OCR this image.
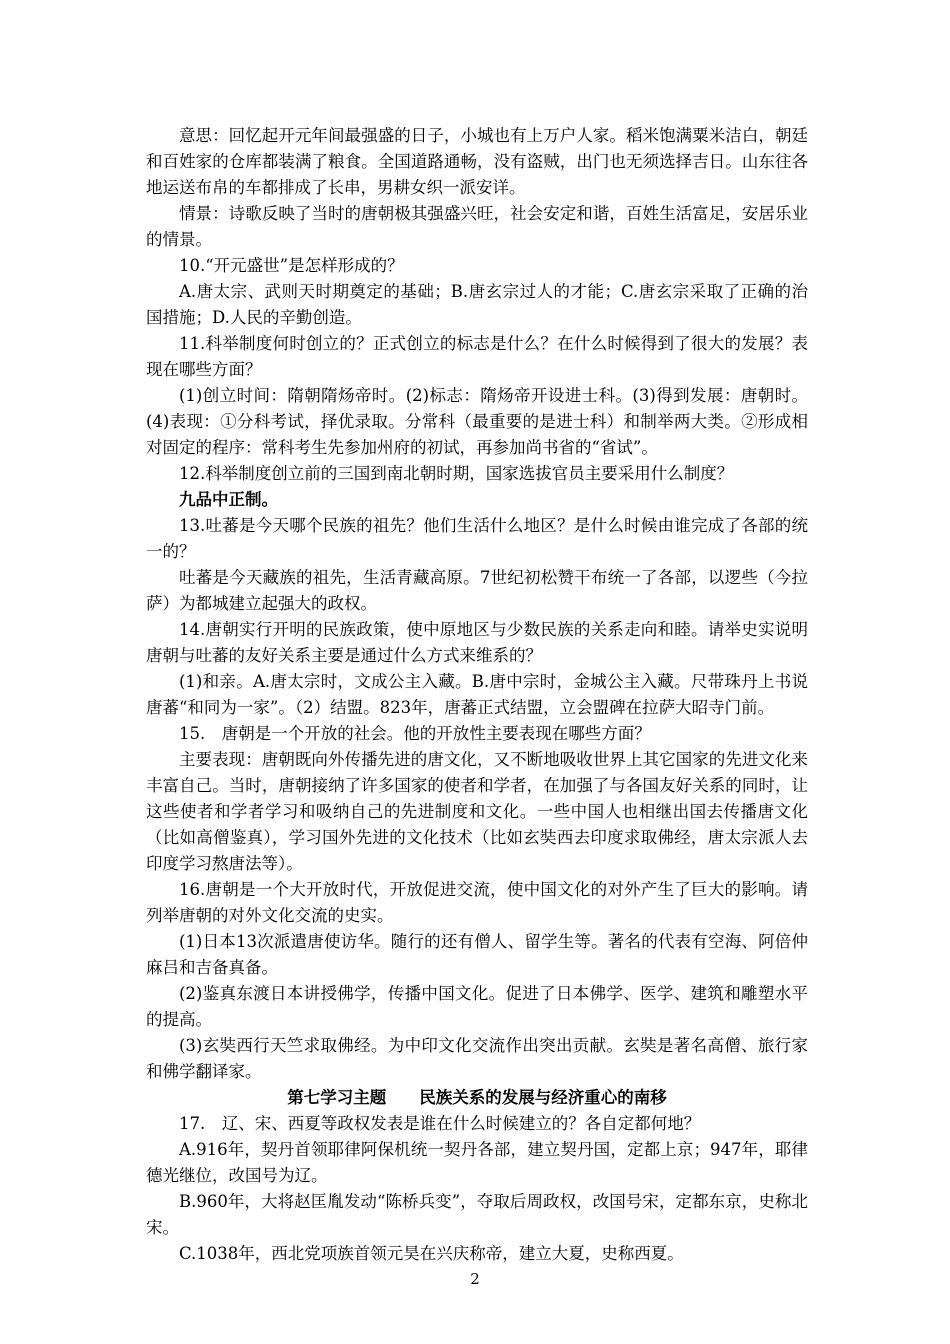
意思：回忆起开元年间最强盛的日子，小城也有上万户人家。稻米饱满粟米洁白，朝廷和百姓家的仓库都装满了粮食。全国道路通畅，没有盗贼，出门也无须选择吉日。山东往各地运送布帛的车都排成了长串，男耕女织一派安详。

情景：诗歌反映了当时的唐朝极其强盛兴旺，社会安定和谐，百姓生活富足，安居乐业的情景。

10.“开元盛世”是怎样形成的？

A.唐太宗、武则天时期奠定的基础；B.唐玄宗过人的才能；C.唐玄宗采取了正确的治国措施；D.人民的辛勤创造。

11.科举制度何时创立的？正式创立的标志是什么？在什么时候得到了很大的发展？表现在哪些方面？

(1)创立时间：隋朝隋炀帝时。(2)标志：隋炀帝开设进士科。(3)得到发展：唐朝时。(4)表现：①分科考试，择优录取。分常科（最重要的是进士科）和制举两大类。②形成相对固定的程序：常科考生先参加州府的初试，再参加尚书省的“省试”。

12.科举制度创立前的三国到南北朝时期，国家选拔官员主要采用什么制度？

九品中正制。

13.吐蕃是今天哪个民族的祖先？他们生活什么地区？是什么时候由谁完成了各部的统一的？

吐蕃是今天藏族的祖先，生活青藏高原。7世纪初松赞干布统一了各部，以逻些（今拉萨）为都城建立起强大的政权。

14.唐朝实行开明的民族政策，使中原地区与少数民族的关系走向和睦。请举史实说明唐朝与吐蕃的友好关系主要是通过什么方式来维系的？

(1)和亲。A.唐太宗时，文成公主入藏。B.唐中宗时，金城公主入藏。尺带珠丹上书说唐蕃“和同为一家”。（2）结盟。823年，唐蕃正式结盟，立会盟碑在拉萨大昭寺门前。

15.　唐朝是一个开放的社会。他的开放性主要表现在哪些方面？

主要表现：唐朝既向外传播先进的唐文化，又不断地吸收世界上其它国家的先进文化来丰富自己。当时，唐朝接纳了许多国家的使者和学者，在加强了与各国友好关系的同时，让这些使者和学者学习和吸纳自己的先进制度和文化。一些中国人也相继出国去传播唐文化（比如高僧鉴真），学习国外先进的文化技术（比如玄奘西去印度求取佛经，唐太宗派人去印度学习熬唐法等）。

16.唐朝是一个大开放时代，开放促进交流，使中国文化的对外产生了巨大的影响。请列举唐朝的对外文化交流的史实。

(1)日本13次派遣唐使访华。随行的还有僧人、留学生等。著名的代表有空海、阿倍仲麻吕和吉备真备。

(2)鉴真东渡日本讲授佛学，传播中国文化。促进了日本佛学、医学、建筑和雕塑水平的提高。

(3)玄奘西行天竺求取佛经。为中印文化交流作出突出贡献。玄奘是著名高僧、旅行家和佛学翻译家。

第七学习主题　　民族关系的发展与经济重心的南移

17.　辽、宋、西夏等政权发表是谁在什么时候建立的？各自定都何地？

A.916年，契丹首领耶律阿保机统一契丹各部，建立契丹国，定都上京；947年，耶律德光继位，改国号为辽。

B.960年，大将赵匡胤发动“陈桥兵变”，夺取后周政权，改国号宋，定都东京，史称北宋。

C.1038年，西北党项族首领元昊在兴庆称帝，建立大夏，史称西夏。

2
